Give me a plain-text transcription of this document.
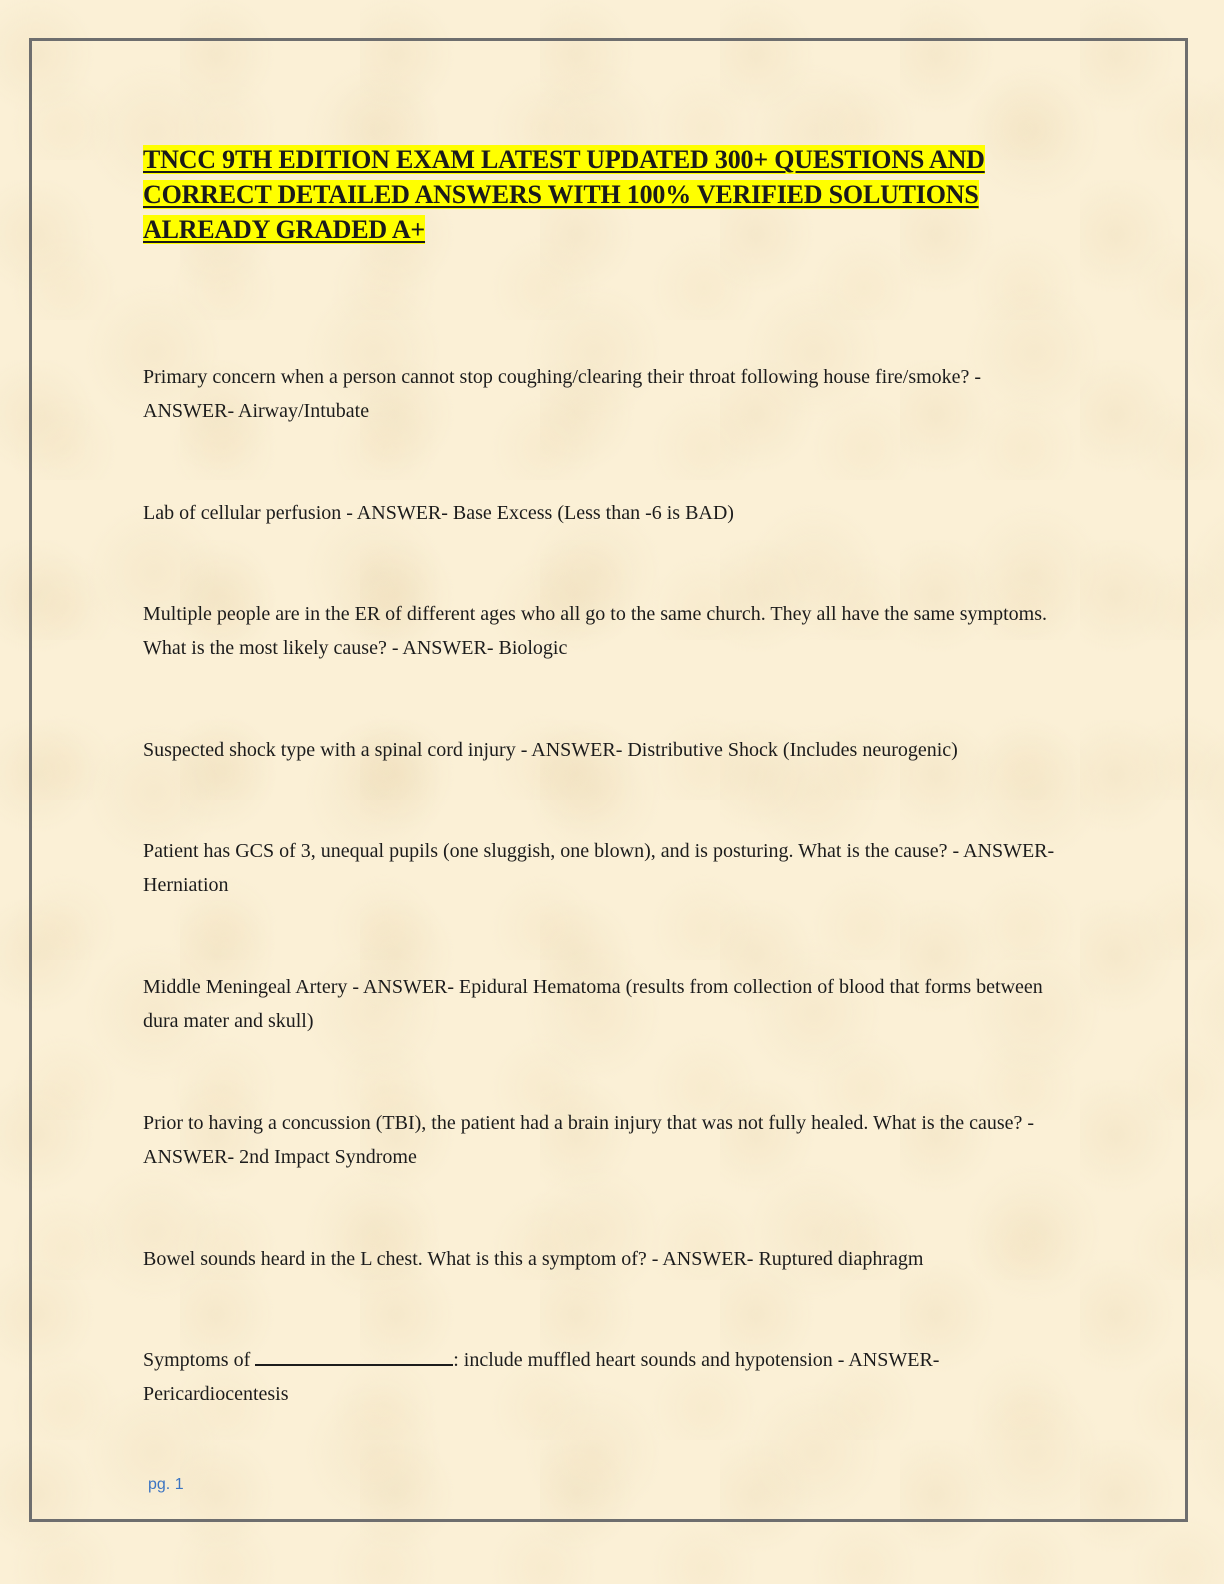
TNCC 9TH EDITION EXAM LATEST UPDATED 300+ QUESTIONS AND CORRECT DETAILED ANSWERS WITH 100% VERIFIED SOLUTIONS ALREADY GRADED A+

Primary concern when a person cannot stop coughing/clearing their throat following house fire/smoke? - ANSWER- Airway/Intubate

Lab of cellular perfusion - ANSWER- Base Excess (Less than -6 is BAD)

Multiple people are in the ER of different ages who all go to the same church. They all have the same symptoms. What is the most likely cause? - ANSWER- Biologic

Suspected shock type with a spinal cord injury - ANSWER- Distributive Shock (Includes neurogenic)

Patient has GCS of 3, unequal pupils (one sluggish, one blown), and is posturing. What is the cause? - ANSWER- Herniation

Middle Meningeal Artery - ANSWER- Epidural Hematoma (results from collection of blood that forms between dura mater and skull)

Prior to having a concussion (TBI), the patient had a brain injury that was not fully healed. What is the cause? - ANSWER- 2nd Impact Syndrome

Bowel sounds heard in the L chest. What is this a symptom of? - ANSWER- Ruptured diaphragm

Symptoms of	: include muffled heart sounds and hypotension - ANSWER- Pericardiocentesis

pg. 1
